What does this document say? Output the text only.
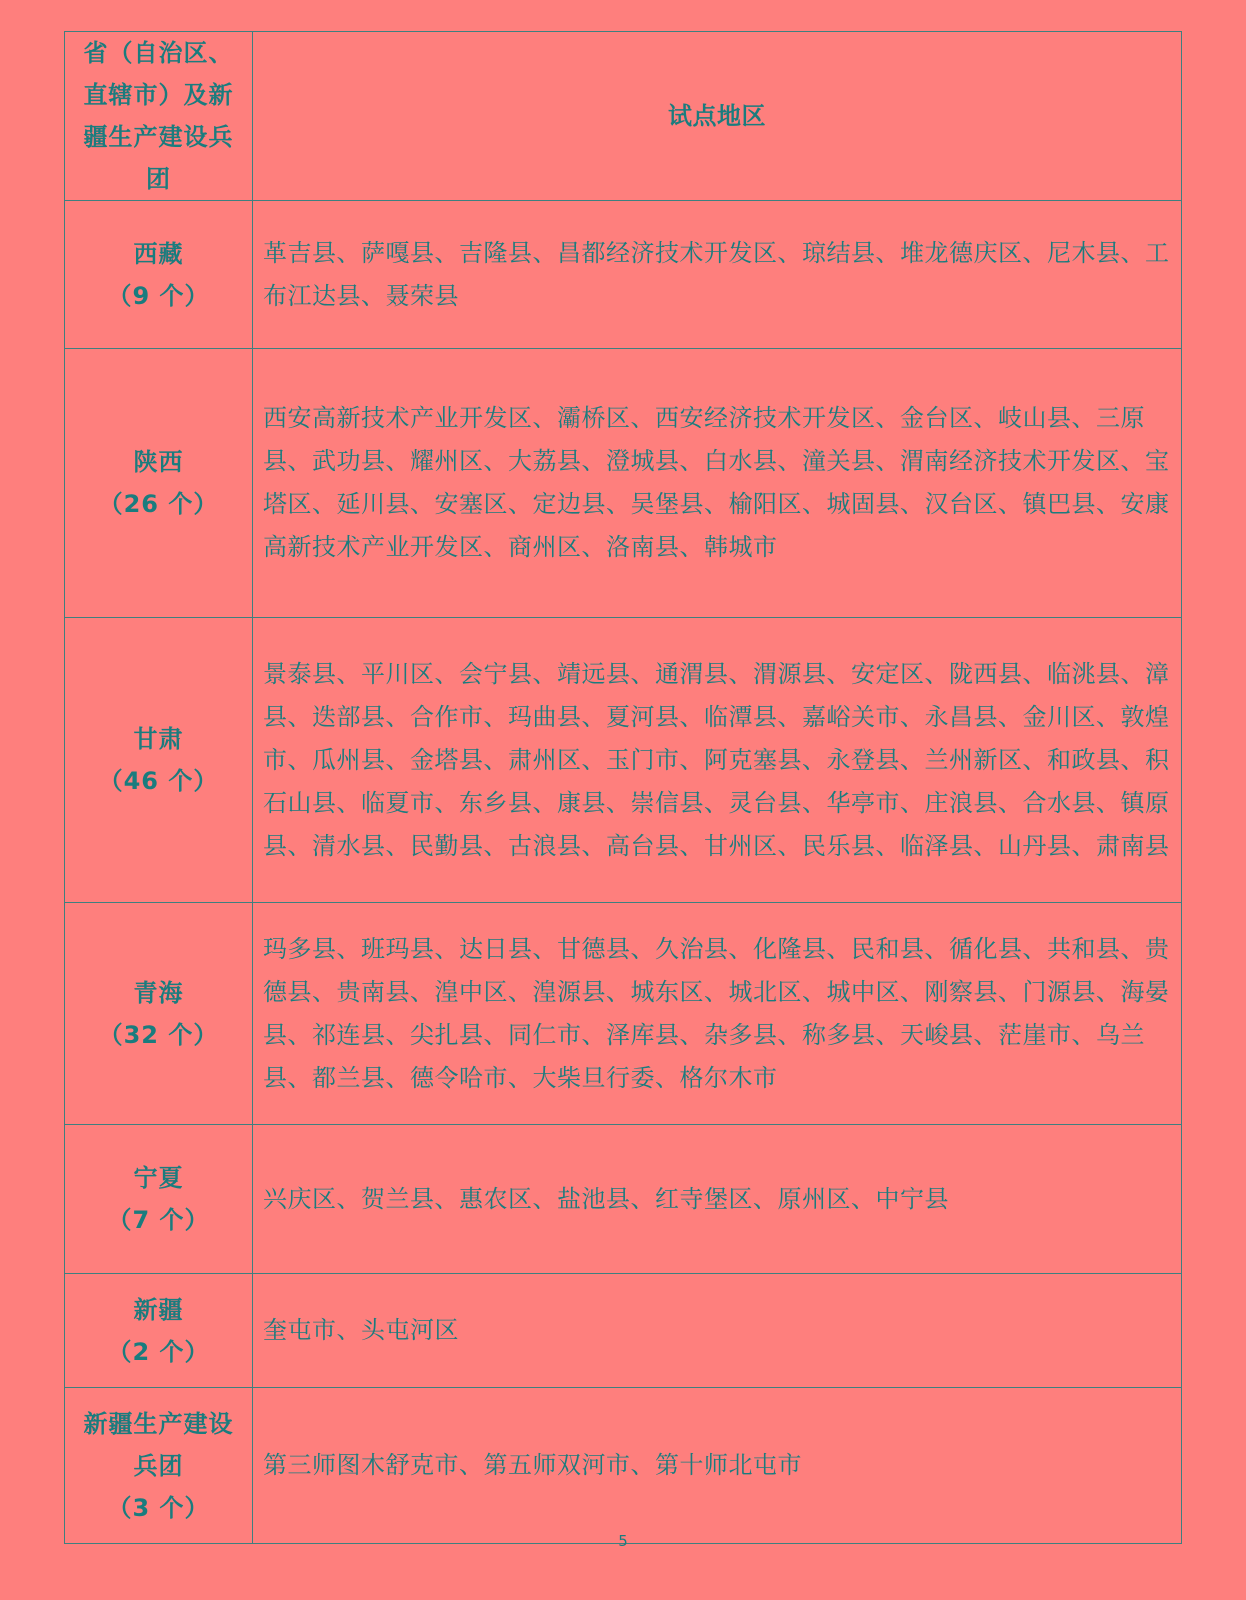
省（自治区、直辖市）及新疆生产建设兵团	试点地区

西藏
（9 个）	革吉县、萨嘎县、吉隆县、昌都经济技术开发区、琼结县、堆龙德庆区、尼木县、工布江达县、聂荣县

陕西
（26 个）	西安高新技术产业开发区、灞桥区、西安经济技术开发区、金台区、岐山县、三原县、武功县、耀州区、大荔县、澄城县、白水县、潼关县、渭南经济技术开发区、宝塔区、延川县、安塞区、定边县、吴堡县、榆阳区、城固县、汉台区、镇巴县、安康高新技术产业开发区、商州区、洛南县、韩城市

甘肃
（46 个）	景泰县、平川区、会宁县、靖远县、通渭县、渭源县、安定区、陇西县、临洮县、漳县、迭部县、合作市、玛曲县、夏河县、临潭县、嘉峪关市、永昌县、金川区、敦煌市、瓜州县、金塔县、肃州区、玉门市、阿克塞县、永登县、兰州新区、和政县、积石山县、临夏市、东乡县、康县、崇信县、灵台县、华亭市、庄浪县、合水县、镇原县、清水县、民勤县、古浪县、高台县、甘州区、民乐县、临泽县、山丹县、肃南县

青海
（32 个）	玛多县、班玛县、达日县、甘德县、久治县、化隆县、民和县、循化县、共和县、贵德县、贵南县、湟中区、湟源县、城东区、城北区、城中区、刚察县、门源县、海晏县、祁连县、尖扎县、同仁市、泽库县、杂多县、称多县、天峻县、茫崖市、乌兰县、都兰县、德令哈市、大柴旦行委、格尔木市

宁夏
（7 个）	兴庆区、贺兰县、惠农区、盐池县、红寺堡区、原州区、中宁县

新疆
（2 个）	奎屯市、头屯河区

新疆生产建设兵团
（3 个）	第三师图木舒克市、第五师双河市、第十师北屯市
5
